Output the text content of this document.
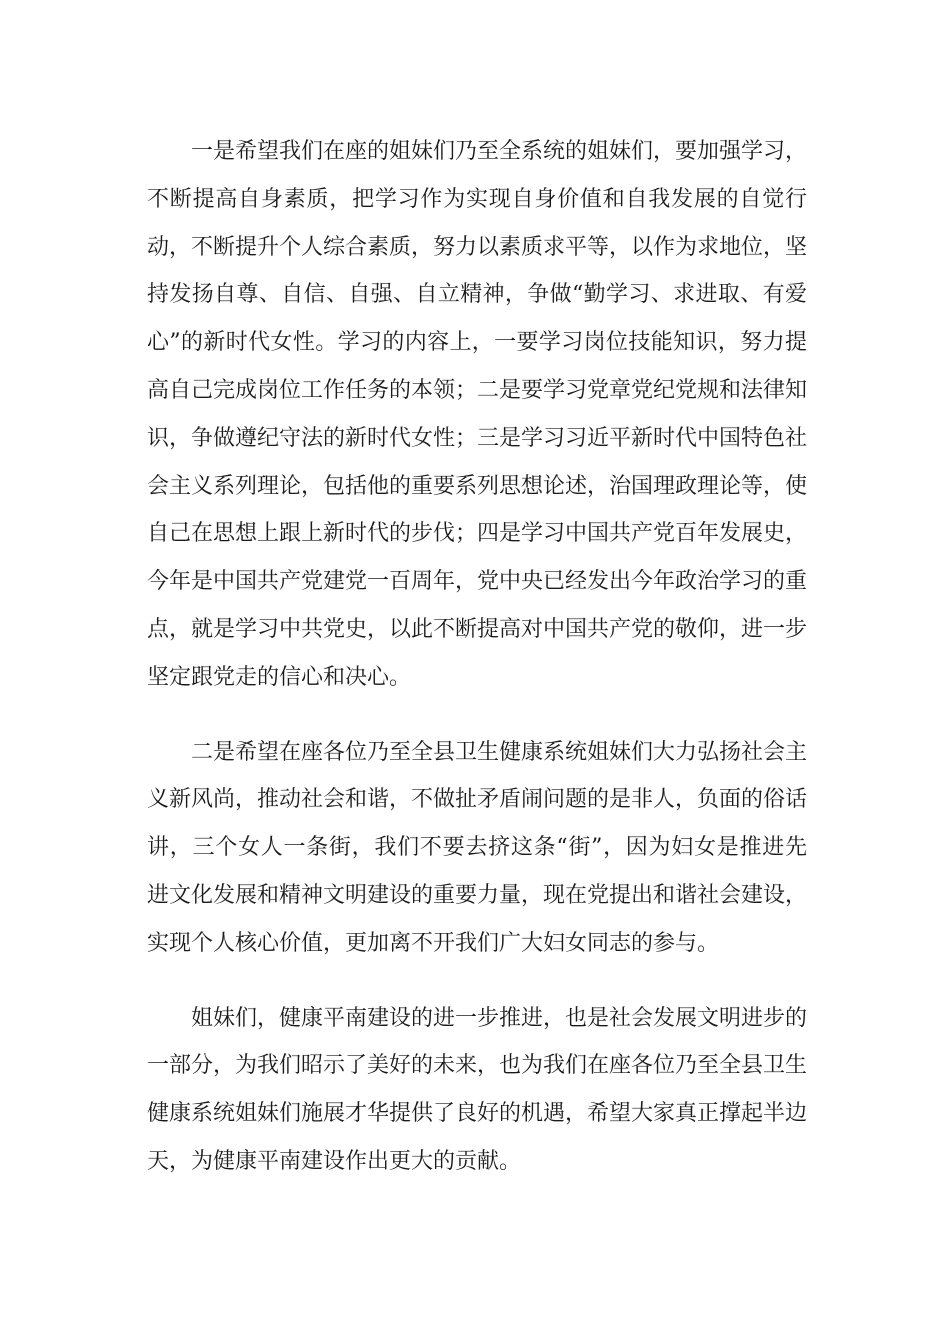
一是希望我们在座的姐妹们乃至全系统的姐妹们，要加强学习，不断提高自身素质，把学习作为实现自身价值和自我发展的自觉行动，不断提升个人综合素质，努力以素质求平等，以作为求地位，坚持发扬自尊、自信、自强、自立精神，争做“勤学习、求进取、有爱心”的新时代女性。学习的内容上，一要学习岗位技能知识，努力提高自己完成岗位工作任务的本领；二是要学习党章党纪党规和法律知识，争做遵纪守法的新时代女性；三是学习习近平新时代中国特色社会主义系列理论，包括他的重要系列思想论述，治国理政理论等，使自己在思想上跟上新时代的步伐；四是学习中国共产党百年发展史，今年是中国共产党建党一百周年，党中央已经发出今年政治学习的重点，就是学习中共党史，以此不断提高对中国共产党的敬仰，进一步坚定跟党走的信心和决心。

二是希望在座各位乃至全县卫生健康系统姐妹们大力弘扬社会主义新风尚，推动社会和谐，不做扯矛盾闹问题的是非人，负面的俗话讲，三个女人一条街，我们不要去挤这条“街”，因为妇女是推进先进文化发展和精神文明建设的重要力量，现在党提出和谐社会建设，实现个人核心价值，更加离不开我们广大妇女同志的参与。

姐妹们，健康平南建设的进一步推进，也是社会发展文明进步的一部分，为我们昭示了美好的未来，也为我们在座各位乃至全县卫生健康系统姐妹们施展才华提供了良好的机遇，希望大家真正撑起半边天，为健康平南建设作出更大的贡献。
